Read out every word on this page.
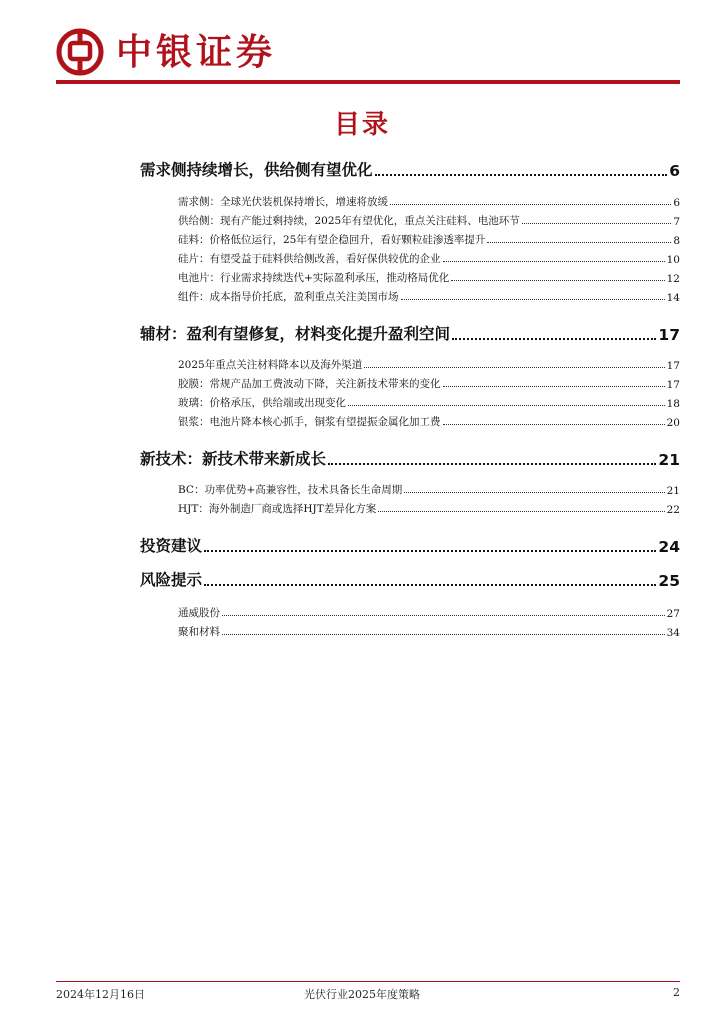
中银证券
目录
需求侧持续增长，供给侧有望优化	6
需求侧：全球光伏装机保持增长，增速将放缓	6
供给侧：现有产能过剩持续，2025年有望优化，重点关注硅料、电池环节	7
硅料：价格低位运行，25年有望企稳回升，看好颗粒硅渗透率提升	8
硅片：有望受益于硅料供给侧改善，看好保供较优的企业	10
电池片：行业需求持续迭代+实际盈利承压，推动格局优化	12
组件：成本指导价托底，盈利重点关注美国市场	14
辅材：盈利有望修复，材料变化提升盈利空间	17
2025年重点关注材料降本以及海外渠道	17
胶膜：常规产品加工费波动下降，关注新技术带来的变化	17
玻璃：价格承压，供给端或出现变化	18
银浆：电池片降本核心抓手，铜浆有望提振金属化加工费	20
新技术：新技术带来新成长	21
BC：功率优势+高兼容性，技术具备长生命周期	21
HJT：海外制造厂商或选择HJT差异化方案	22
投资建议	24
风险提示	25
通威股份	27
聚和材料	34
2024年12月16日	光伏行业2025年度策略	2
